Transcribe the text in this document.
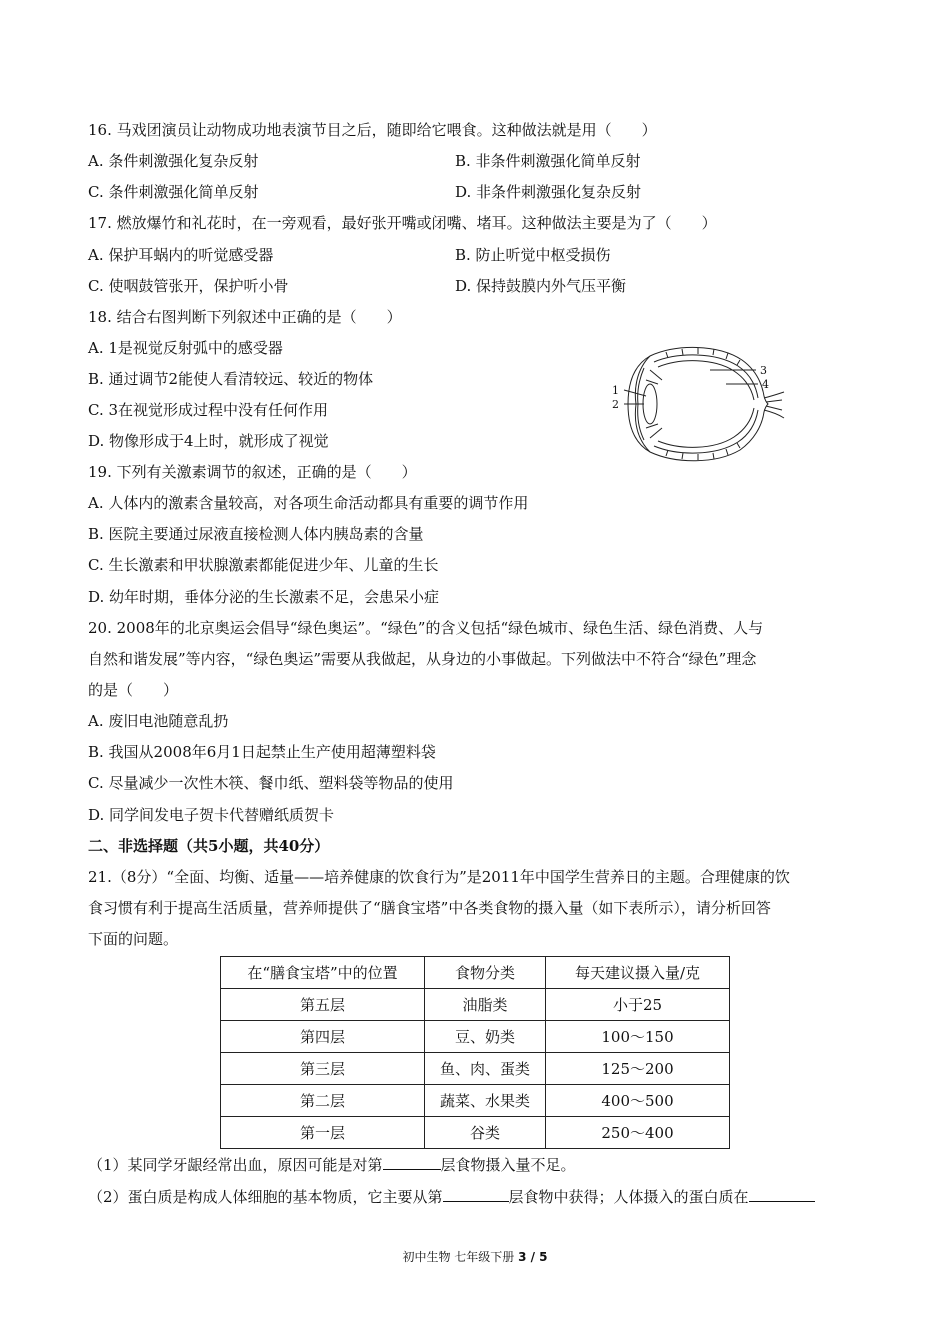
16. 马戏团演员让动物成功地表演节目之后，随即给它喂食。这种做法就是用（　　）
A. 条件刺激强化复杂反射	B. 非条件刺激强化简单反射
C. 条件刺激强化简单反射	D. 非条件刺激强化复杂反射
17. 燃放爆竹和礼花时，在一旁观看，最好张开嘴或闭嘴、堵耳。这种做法主要是为了（　　）
A. 保护耳蜗内的听觉感受器	B. 防止听觉中枢受损伤
C. 使咽鼓管张开，保护听小骨	D. 保持鼓膜内外气压平衡
18. 结合右图判断下列叙述中正确的是（　　）
A. 1是视觉反射弧中的感受器
B. 通过调节2能使人看清较远、较近的物体
C. 3在视觉形成过程中没有任何作用
D. 物像形成于4上时，就形成了视觉
1
2
3
4
19. 下列有关激素调节的叙述，正确的是（　　）
A. 人体内的激素含量较高，对各项生命活动都具有重要的调节作用
B. 医院主要通过尿液直接检测人体内胰岛素的含量
C. 生长激素和甲状腺激素都能促进少年、儿童的生长
D. 幼年时期，垂体分泌的生长激素不足，会患呆小症
20. 2008年的北京奥运会倡导“绿色奥运”。“绿色”的含义包括“绿色城市、绿色生活、绿色消费、人与
自然和谐发展”等内容，“绿色奥运”需要从我做起，从身边的小事做起。下列做法中不符合“绿色”理念
的是（　　）
A. 废旧电池随意乱扔
B. 我国从2008年6月1日起禁止生产使用超薄塑料袋
C. 尽量减少一次性木筷、餐巾纸、塑料袋等物品的使用
D. 同学间发电子贺卡代替赠纸质贺卡
二、非选择题（共5小题，共40分）
21.（8分）“全面、均衡、适量——培养健康的饮食行为”是2011年中国学生营养日的主题。合理健康的饮
食习惯有利于提高生活质量，营养师提供了“膳食宝塔”中各类食物的摄入量（如下表所示），请分析回答
下面的问题。
在“膳食宝塔”中的位置	食物分类	每天建议摄入量/克
第五层	油脂类	小于25
第四层	豆、奶类	100～150
第三层	鱼、肉、蛋类	125～200
第二层	蔬菜、水果类	400～500
第一层	谷类	250～400
（1）某同学牙龈经常出血，原因可能是对第	层食物摄入量不足。
（2）蛋白质是构成人体细胞的基本物质，它主要从第	层食物中获得；人体摄入的蛋白质在
初中生物 七年级下册 3 / 5
